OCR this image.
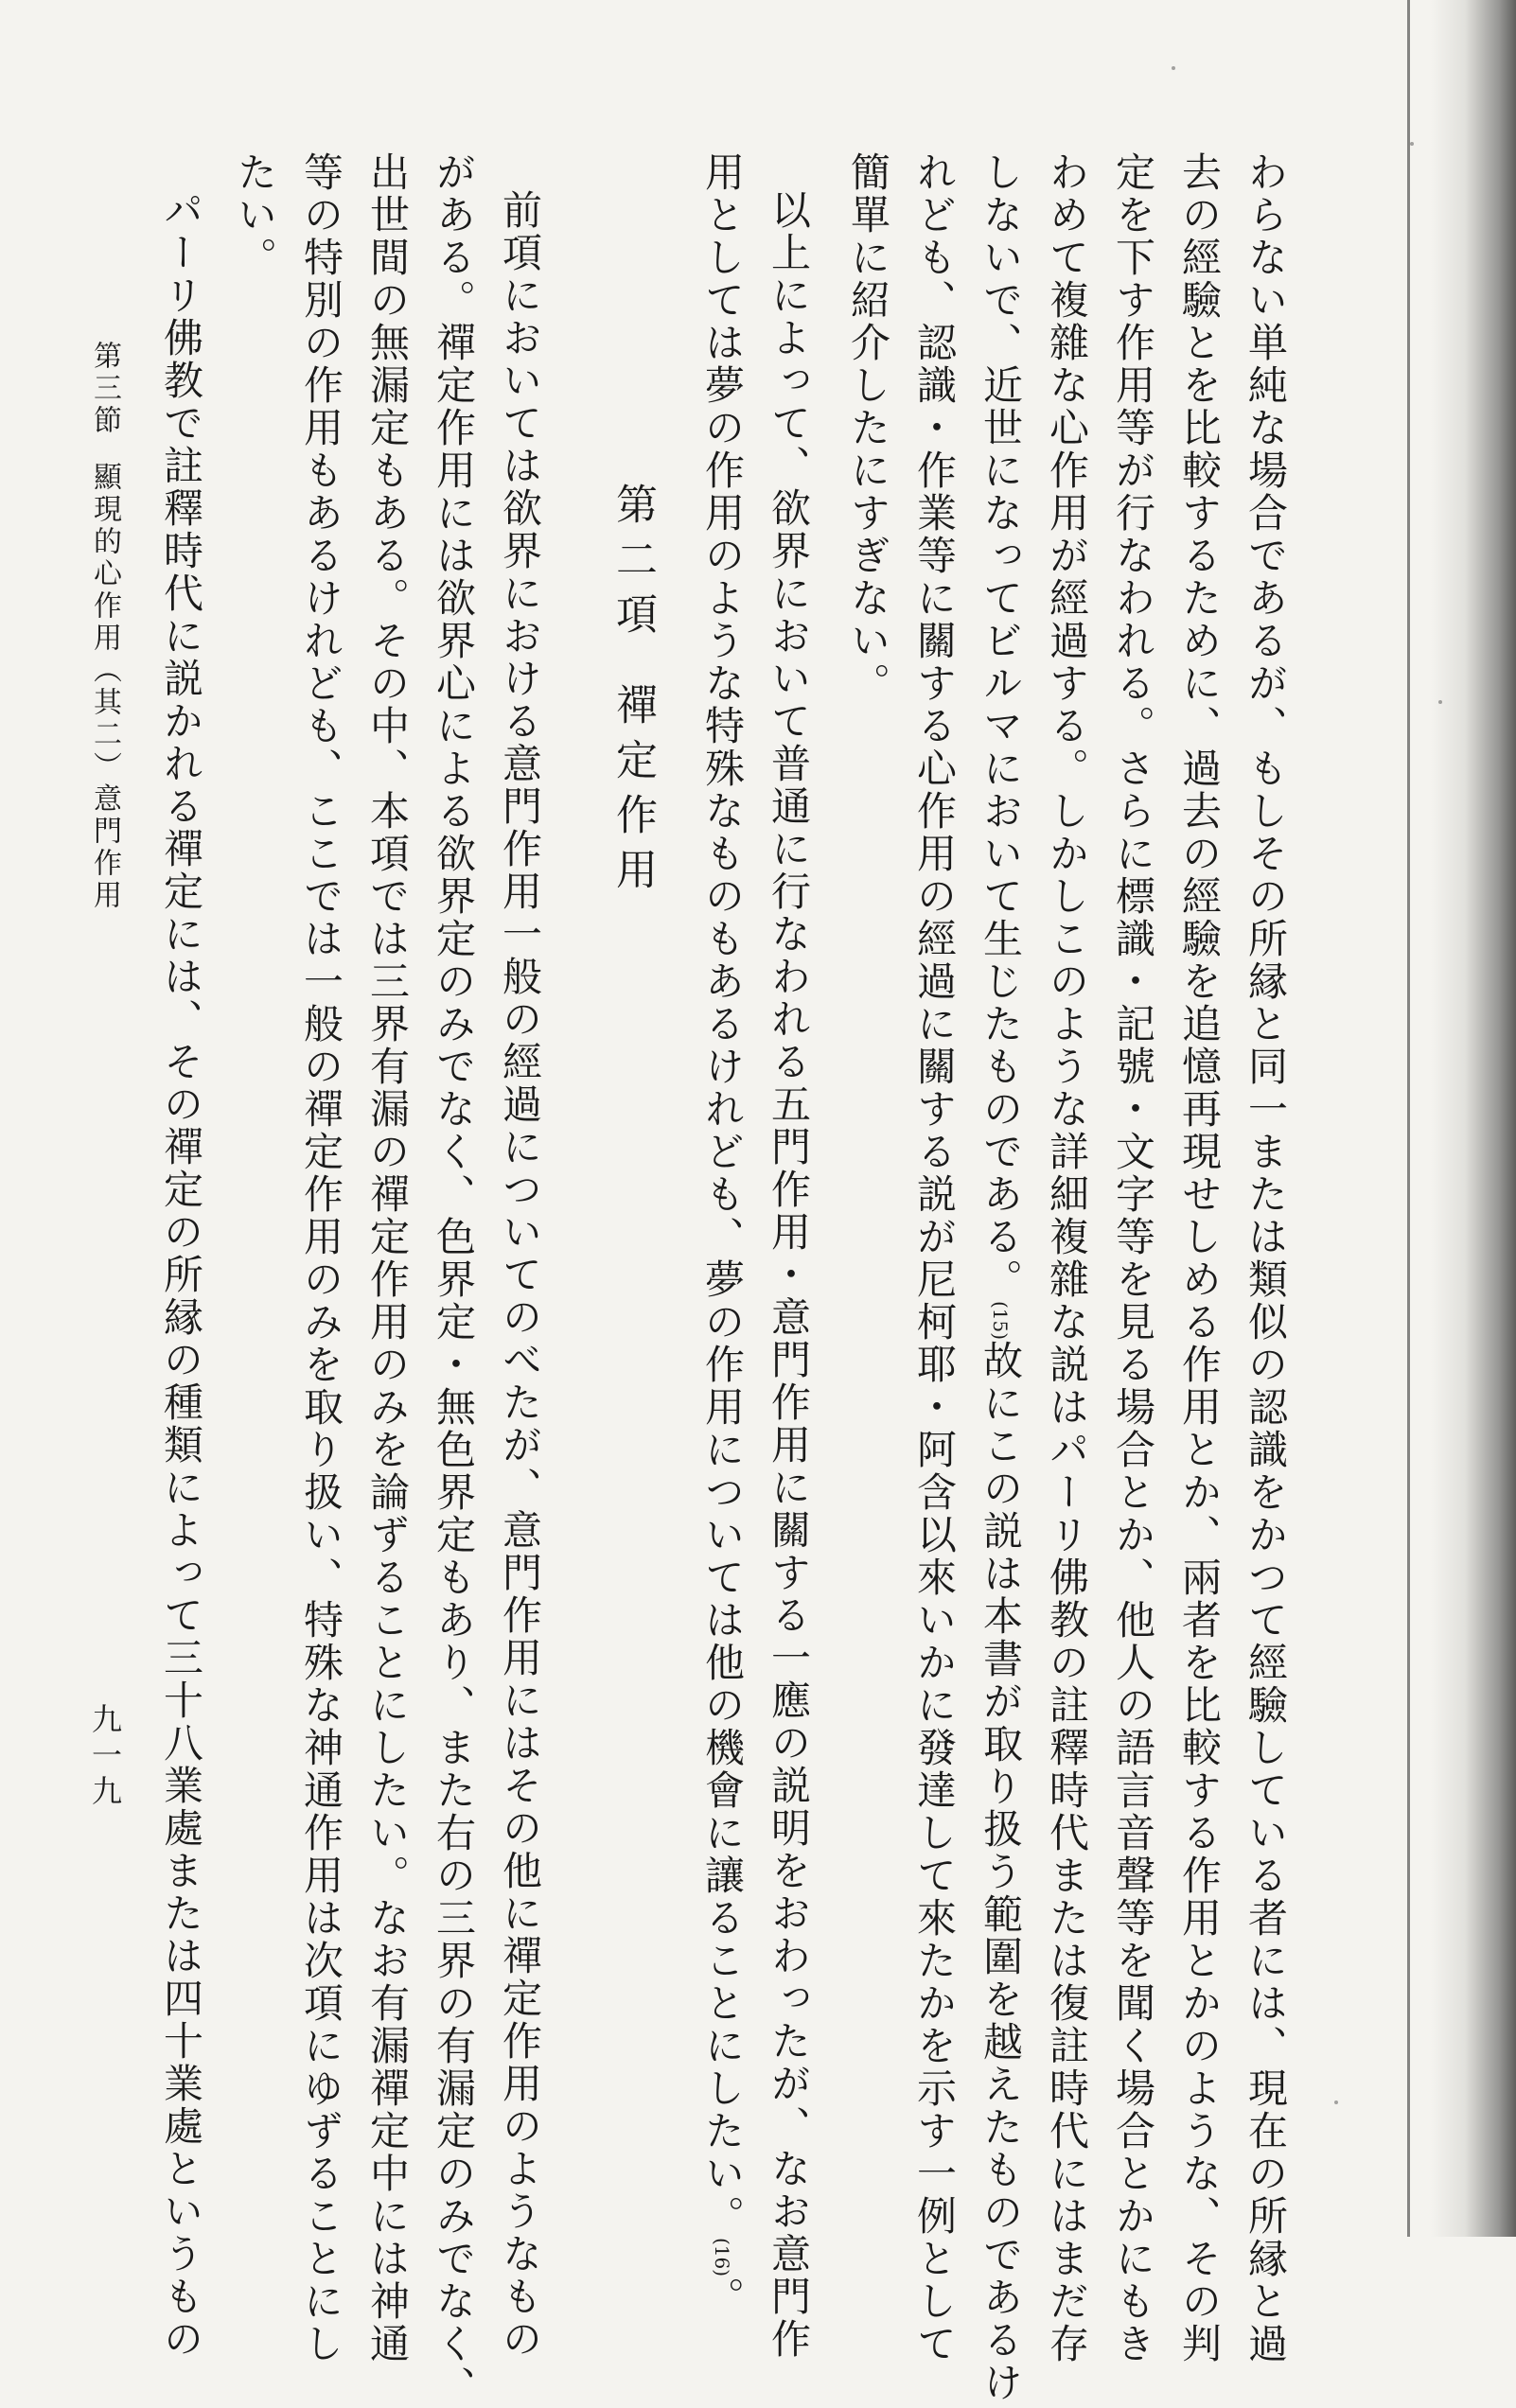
わらない単純な場合であるが、もしその所縁と同一または類似の認識をかつて經驗している者には、現在の所縁と過
去の經驗とを比較するために、過去の經驗を追憶再現せしめる作用とか、兩者を比較する作用とかのような、その判
定を下す作用等が行なわれる。さらに標識・記號・文字等を見る場合とか、他人の語言音聲等を聞く場合とかにもき
わめて複雜な心作用が經過する。しかしこのような詳細複雜な説はパーリ佛教の註釋時代または復註時代にはまだ存
しないで、近世になってビルマにおいて生じたものである。(15)故にこの説は本書が取り扱う範圍を越えたものであるけ
れども、認識・作業等に關する心作用の經過に關する説が尼柯耶・阿含以來いかに發達して來たかを示す一例として
簡單に紹介したにすぎない。
以上によって、欲界において普通に行なわれる五門作用・意門作用に關する一應の説明をおわったが、なお意門作
用としては夢の作用のような特殊なものもあるけれども、夢の作用については他の機會に讓ることにしたい。(16)。
第二項禪定作用
前項においては欲界における意門作用一般の經過についてのべたが、意門作用にはその他に禪定作用のようなもの
がある。禪定作用には欲界心による欲界定のみでなく、色界定・無色界定もあり、また右の三界の有漏定のみでなく、
出世間の無漏定もある。その中、本項では三界有漏の禪定作用のみを論ずることにしたい。なお有漏禪定中には神通
等の特別の作用もあるけれども、ここでは一般の禪定作用のみを取り扱い、特殊な神通作用は次項にゆずることにし
たい。
パーリ佛教で註釋時代に説かれる禪定には、その禪定の所縁の種類によって三十八業處または四十業處というもの
第三節顯現的心作用（其二）意門作用
九一九
